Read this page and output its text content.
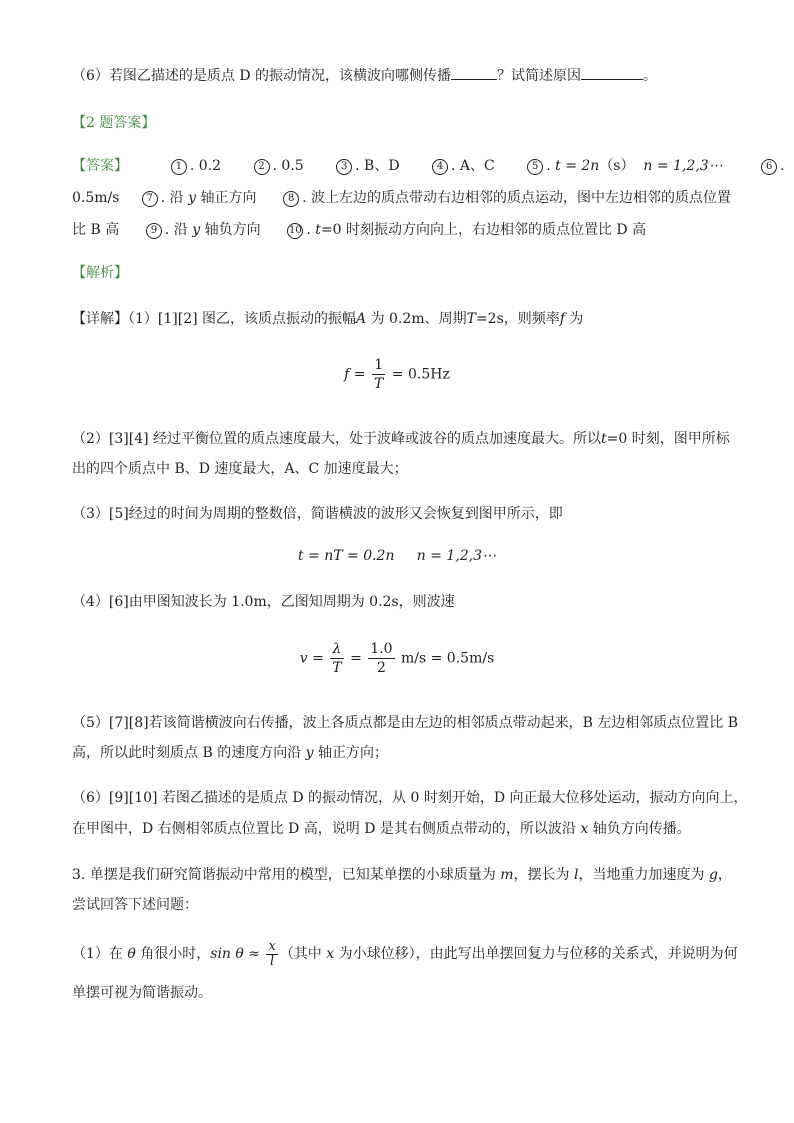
（6）若图乙描述的是质点 D 的振动情况，该横波向哪侧传播	？试简述原因	。
【2 题答案】
【答案】	1 . 0.2	2 . 0.5	3 . B、D	4 . A、C	5 . t = 2n（s） n = 1,2,3⋯	6 .
0.5m/s	7 . 沿 y 轴正方向	8 . 波上左边的质点带动右边相邻的质点运动，图中左边相邻的质点位置
比 B 高	9 . 沿 y 轴负方向	10 . t=0 时刻振动方向向上，右边相邻的质点位置比 D 高
【解析】
【详解】（1）[1][2] 图乙，该质点振动的振幅A 为 0.2m、周期T=2s，则频率f 为
$f = \frac{1}{T} = 0.5Hz$
（2）[3][4] 经过平衡位置的质点速度最大，处于波峰或波谷的质点加速度最大。所以t=0 时刻，图甲所标
出的四个质点中 B、D 速度最大，A、C 加速度最大；
（3）[5]经过的时间为周期的整数倍，简谐横波的波形又会恢复到图甲所示，即
t = nT = 0.2n n = 1,2,3⋯
（4）[6]由甲图知波长为 1.0m，乙图知周期为 0.2s，则波速
$v = \frac{\lambda}{T} = \frac{1.0}{2} m/s = 0.5m/s$
（5）[7][8]若该简谐横波向右传播，波上各质点都是由左边的相邻质点带动起来，B 左边相邻质点位置比 B
高，所以此时刻质点 B 的速度方向沿 y 轴正方向；
（6）[9][10] 若图乙描述的是质点 D 的振动情况，从 0 时刻开始，D 向正最大位移处运动，振动方向向上，
在甲图中，D 右侧相邻质点位置比 D 高，说明 D 是其右侧质点带动的，所以波沿 x 轴负方向传播。
3. 单摆是我们研究简谐振动中常用的模型，已知某单摆的小球质量为 m，摆长为 l，当地重力加速度为 g，
尝试回答下述问题：
（1）在 θ 角很小时，$\sin \theta \approx \frac{x}{l}$ （其中 x 为小球位移），由此写出单摆回复力与位移的关系式，并说明为何
单摆可视为简谐振动。
